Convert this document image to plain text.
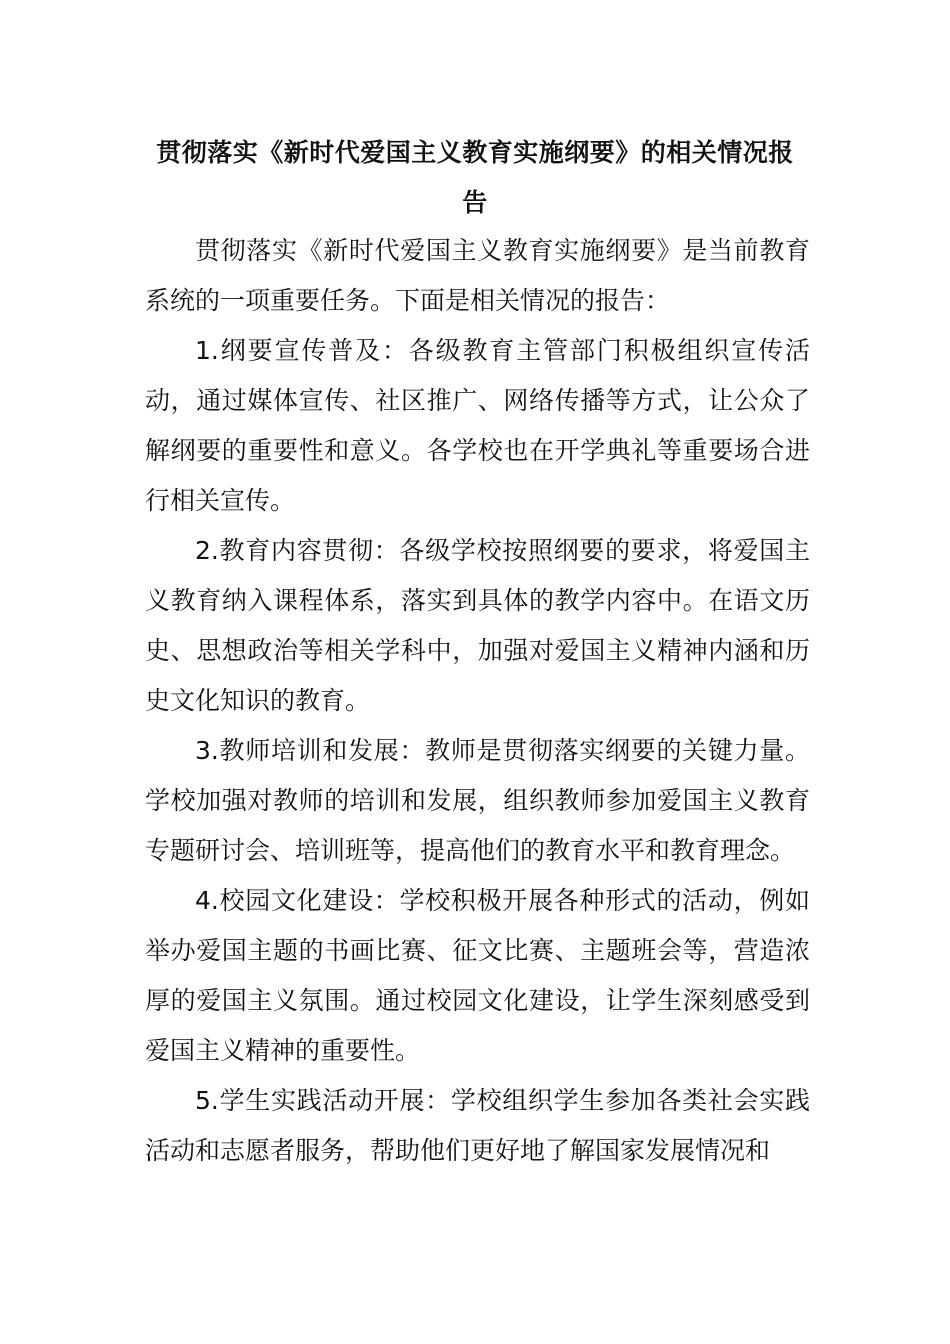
贯彻落实《新时代爱国主义教育实施纲要》的相关情况报告

贯彻落实《新时代爱国主义教育实施纲要》是当前教育系统的一项重要任务。下面是相关情况的报告：

1.纲要宣传普及：各级教育主管部门积极组织宣传活动，通过媒体宣传、社区推广、网络传播等方式，让公众了解纲要的重要性和意义。各学校也在开学典礼等重要场合进行相关宣传。

2.教育内容贯彻：各级学校按照纲要的要求，将爱国主义教育纳入课程体系，落实到具体的教学内容中。在语文历史、思想政治等相关学科中，加强对爱国主义精神内涵和历史文化知识的教育。

3.教师培训和发展：教师是贯彻落实纲要的关键力量。学校加强对教师的培训和发展，组织教师参加爱国主义教育专题研讨会、培训班等，提高他们的教育水平和教育理念。

4.校园文化建设：学校积极开展各种形式的活动，例如举办爱国主题的书画比赛、征文比赛、主题班会等，营造浓厚的爱国主义氛围。通过校园文化建设，让学生深刻感受到爱国主义精神的重要性。

5.学生实践活动开展：学校组织学生参加各类社会实践活动和志愿者服务，帮助他们更好地了解国家发展情况和
